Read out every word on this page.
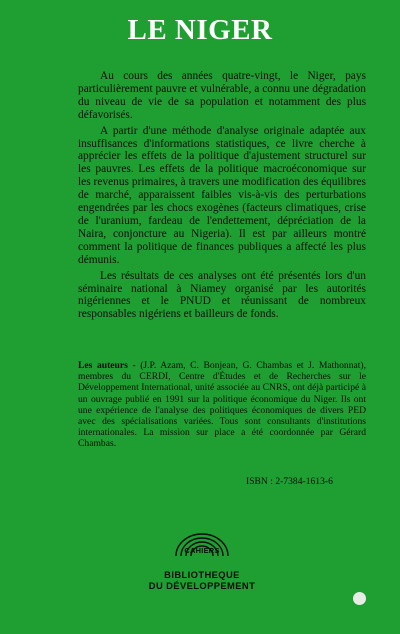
LE NIGER

Au cours des années quatre-vingt, le Niger, pays particulièrement pauvre et vulnérable, a connu une dégradation du niveau de vie de sa population et notamment des plus défavorisés.

A partir d'une méthode d'analyse originale adaptée aux insuffisances d'informations statistiques, ce livre cherche à apprécier les effets de la politique d'ajustement structurel sur les pauvres. Les effets de la politique macroéconomique sur les revenus primaires, à travers une modification des équilibres de marché, apparaissent faibles vis-à-vis des perturbations engendrées par les chocs exogènes (facteurs climatiques, crise de l'uranium, fardeau de l'endettement, dépréciation de la Naira, conjoncture au Nigeria). Il est par ailleurs montré comment la politique de finances publiques a affecté les plus démunis.

Les résultats de ces analyses ont été présentés lors d'un séminaire national à Niamey organisé par les autorités nigériennes et le PNUD et réunissant de nombreux responsables nigériens et bailleurs de fonds.

Les auteurs - (J.P. Azam, C. Bonjean, G. Chambas et J. Mathonnat), membres du CERDI, Centre d'Études et de Recherches sur le Développement International, unité associée au CNRS, ont déjà participé à un ouvrage publié en 1991 sur la politique économique du Niger. Ils ont une expérience de l'analyse des politiques économiques de divers PED avec des spécialisations variées. Tous sont consultants d'institutions internationales. La mission sur place a été coordonnée par Gérard Chambas.
ISBN : 2-7384-1613-6
CAHIERS
BIBLIOTHEQUE
DU DÉVELOPPEMENT
